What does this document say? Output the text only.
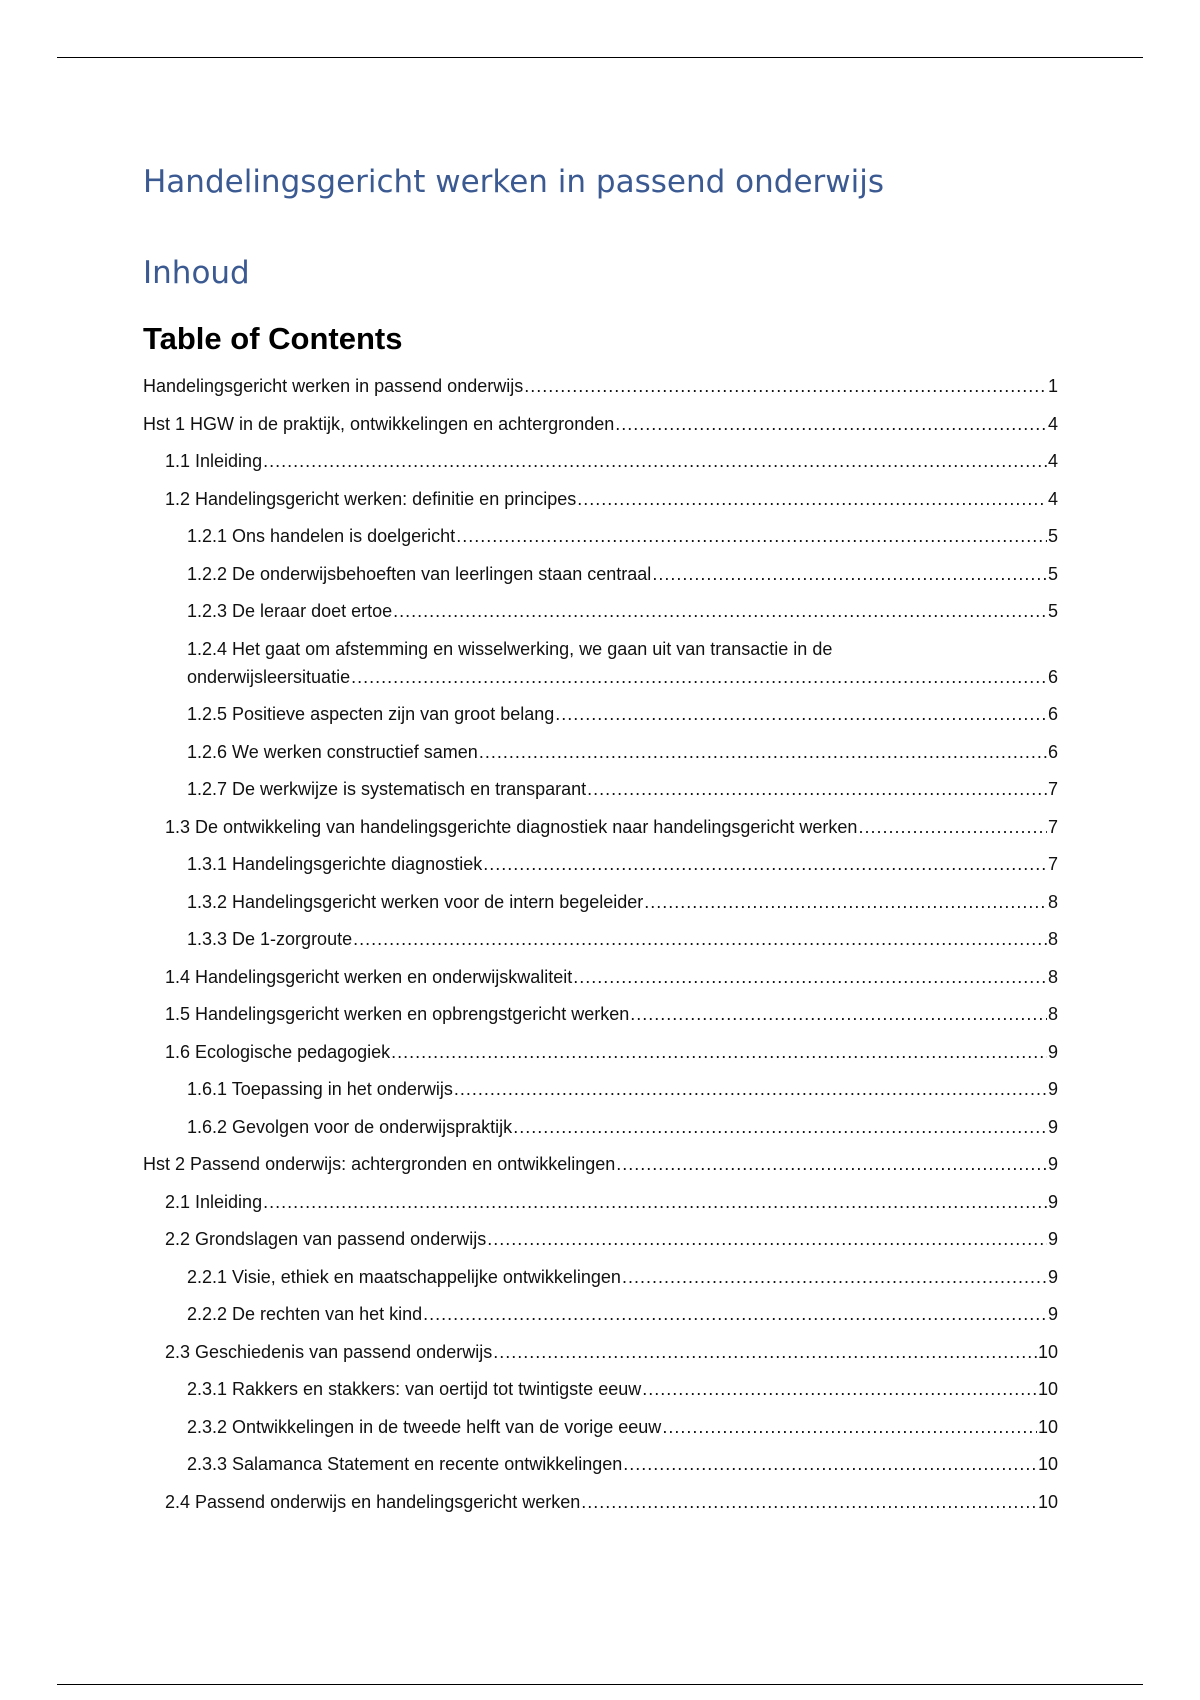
Handelingsgericht werken in passend onderwijs
Inhoud
Table of Contents
Handelingsgericht werken in passend onderwijs .....	1
Hst 1 HGW in de praktijk, ontwikkelingen en achtergronden .....	4
1.1 Inleiding .....	4
1.2 Handelingsgericht werken: definitie en principes .....	4
1.2.1 Ons handelen is doelgericht .....	5
1.2.2 De onderwijsbehoeften van leerlingen staan centraal .....	5
1.2.3 De leraar doet ertoe .....	5
1.2.4 Het gaat om afstemming en wisselwerking, we gaan uit van transactie in de
onderwijsleersituatie .....	6
1.2.5 Positieve aspecten zijn van groot belang .....	6
1.2.6 We werken constructief samen .....	6
1.2.7 De werkwijze is systematisch en transparant .....	7
1.3 De ontwikkeling van handelingsgerichte diagnostiek naar handelingsgericht werken .....	7
1.3.1 Handelingsgerichte diagnostiek .....	7
1.3.2 Handelingsgericht werken voor de intern begeleider .....	8
1.3.3 De 1-zorgroute .....	8
1.4 Handelingsgericht werken en onderwijskwaliteit .....	8
1.5 Handelingsgericht werken en opbrengstgericht werken .....	8
1.6 Ecologische pedagogiek .....	9
1.6.1 Toepassing in het onderwijs .....	9
1.6.2 Gevolgen voor de onderwijspraktijk .....	9
Hst 2 Passend onderwijs: achtergronden en ontwikkelingen .....	9
2.1 Inleiding .....	9
2.2 Grondslagen van passend onderwijs .....	9
2.2.1 Visie, ethiek en maatschappelijke ontwikkelingen .....	9
2.2.2 De rechten van het kind .....	9
2.3 Geschiedenis van passend onderwijs .....	10
2.3.1 Rakkers en stakkers: van oertijd tot twintigste eeuw .....	10
2.3.2 Ontwikkelingen in de tweede helft van de vorige eeuw .....	10
2.3.3 Salamanca Statement en recente ontwikkelingen .....	10
2.4 Passend onderwijs en handelingsgericht werken .....	10
